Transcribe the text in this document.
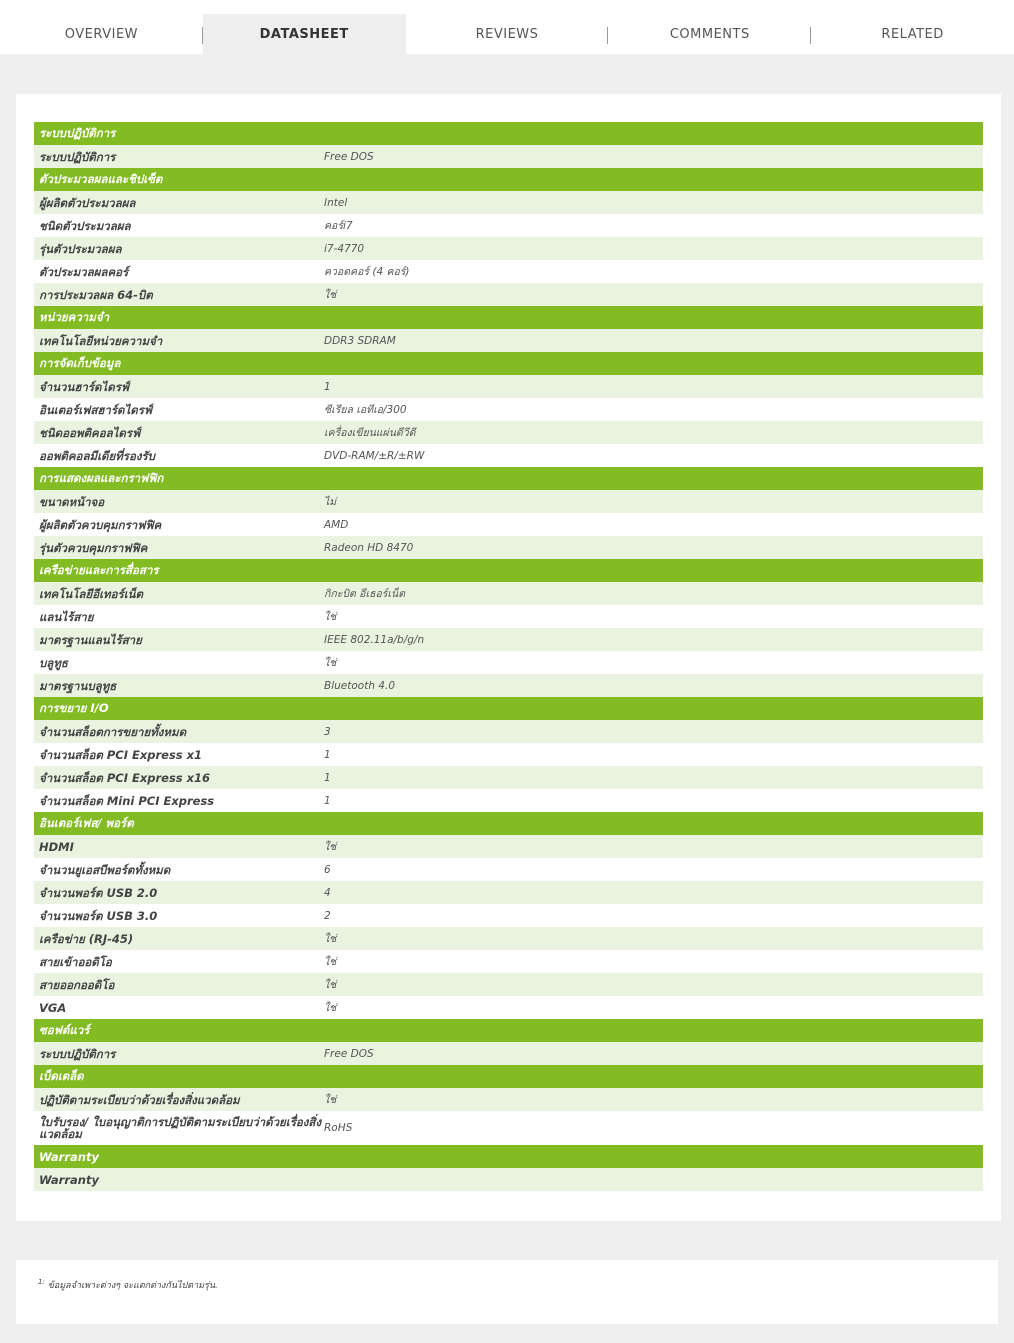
OVERVIEW	DATASHEET	REVIEWS	COMMENTS	RELATED
ระบบปฏิบัติการ
ระบบปฏิบัติการ	Free DOS
ตัวประมวลผลและชิปเซ็ต
ผู้ผลิตตัวประมวลผล	Intel
ชนิดตัวประมวลผล	คอร์i7
รุ่นตัวประมวลผล	i7-4770
ตัวประมวลผลคอร์	ควอดคอร์ (4 คอร์)
การประมวลผล 64-บิต	ใช่
หน่วยความจำ
เทคโนโลยีหน่วยความจำ	DDR3 SDRAM
การจัดเก็บข้อมูล
จำนวนฮาร์ดไดรฟ์	1
อินเตอร์เฟสฮาร์ดไดรฟ์	ซีเรียล เอทีเอ/300
ชนิดออพติคอลไดรฟ์	เครื่องเขียนแผ่นดีวีดี
ออพติคอลมีเดียที่รองรับ	DVD-RAM/±R/±RW
การแสดงผลและกราฟฟิก
ขนาดหน้าจอ	ไม่
ผู้ผลิตตัวควบคุมกราฟฟิค	AMD
รุ่นตัวควบคุมกราฟฟิค	Radeon HD 8470
เครือข่ายและการสื่อสาร
เทคโนโลยีอีเทอร์เน็ต	กิกะบิต อีเธอร์เน็ต
แลนไร้สาย	ใช่
มาตรฐานแลนไร้สาย	IEEE 802.11a/b/g/n
บลูทูธ	ใช่
มาตรฐานบลูทูธ	Bluetooth 4.0
การขยาย I/O
จำนวนสล็อตการขยายทั้งหมด	3
จำนวนสล็อต PCI Express x1	1
จำนวนสล็อต PCI Express x16	1
จำนวนสล็อต Mini PCI Express	1
อินเตอร์เฟส/ พอร์ต
HDMI	ใช่
จำนวนยูเอสบีพอร์ตทั้งหมด	6
จำนวนพอร์ต USB 2.0	4
จำนวนพอร์ต USB 3.0	2
เครือข่าย (RJ-45)	ใช่
สายเข้าออดิโอ	ใช่
สายออกออดิโอ	ใช่
VGA	ใช่
ซอฟต์แวร์
ระบบปฏิบัติการ	Free DOS
เบ็ดเตล็ด
ปฏิบัติตามระเบียบว่าด้วยเรื่องสิ่งแวดล้อม	ใช่
ใบรับรอง/ ใบอนุญาติการปฏิบัติตามระเบียบว่าด้วยเรื่องสิ่งแวดล้อม	RoHS
Warranty
Warranty
$^{1:}$ ข้อมูลจำเพาะต่างๆ จะแตกต่างกันไปตามรุ่น.
